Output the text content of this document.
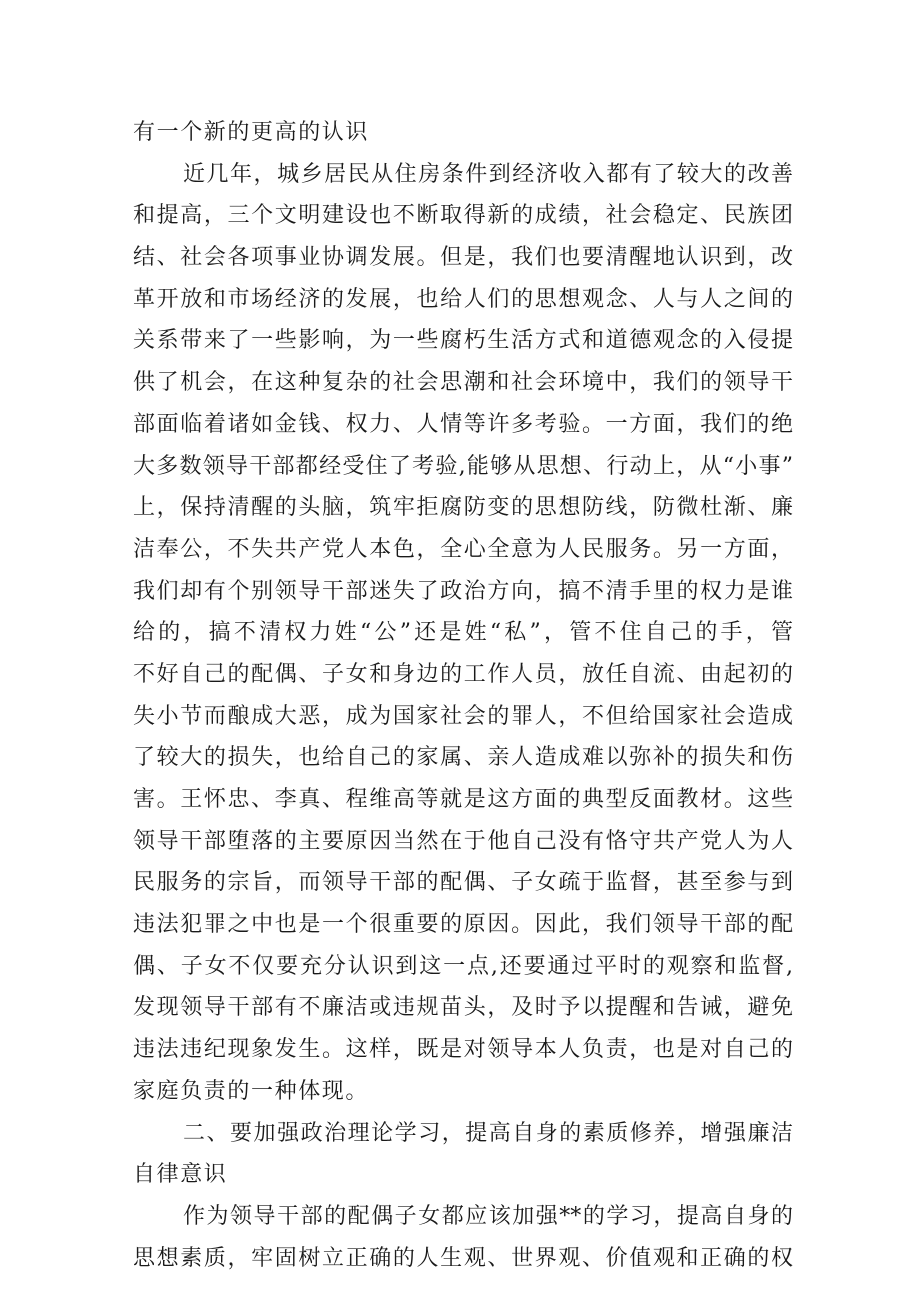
有一个新的更高的认识
近几年，城乡居民从住房条件到经济收入都有了较大的改善
和提高，三个文明建设也不断取得新的成绩，社会稳定、民族团
结、社会各项事业协调发展。但是，我们也要清醒地认识到，改
革开放和市场经济的发展，也给人们的思想观念、人与人之间的
关系带来了一些影响，为一些腐朽生活方式和道德观念的入侵提
供了机会，在这种复杂的社会思潮和社会环境中，我们的领导干
部面临着诸如金钱、权力、人情等许多考验。一方面，我们的绝
大多数领导干部都经受住了考验,能够从思想、行动上，从“小事”
上，保持清醒的头脑，筑牢拒腐防变的思想防线，防微杜渐、廉
洁奉公，不失共产党人本色，全心全意为人民服务。另一方面，
我们却有个别领导干部迷失了政治方向，搞不清手里的权力是谁
给的，搞不清权力姓“公”还是姓“私”，管不住自己的手，管
不好自己的配偶、子女和身边的工作人员，放任自流、由起初的
失小节而酿成大恶，成为国家社会的罪人，不但给国家社会造成
了较大的损失，也给自己的家属、亲人造成难以弥补的损失和伤
害。王怀忠、李真、程维高等就是这方面的典型反面教材。这些
领导干部堕落的主要原因当然在于他自己没有恪守共产党人为人
民服务的宗旨，而领导干部的配偶、子女疏于监督，甚至参与到
违法犯罪之中也是一个很重要的原因。因此，我们领导干部的配
偶、子女不仅要充分认识到这一点,还要通过平时的观察和监督,
发现领导干部有不廉洁或违规苗头，及时予以提醒和告诫，避免
违法违纪现象发生。这样，既是对领导本人负责，也是对自己的
家庭负责的一种体现。
二、要加强政治理论学习，提高自身的素质修养，增强廉洁
自律意识
作为领导干部的配偶子女都应该加强**的学习，提高自身的
思想素质，牢固树立正确的人生观、世界观、价值观和正确的权
